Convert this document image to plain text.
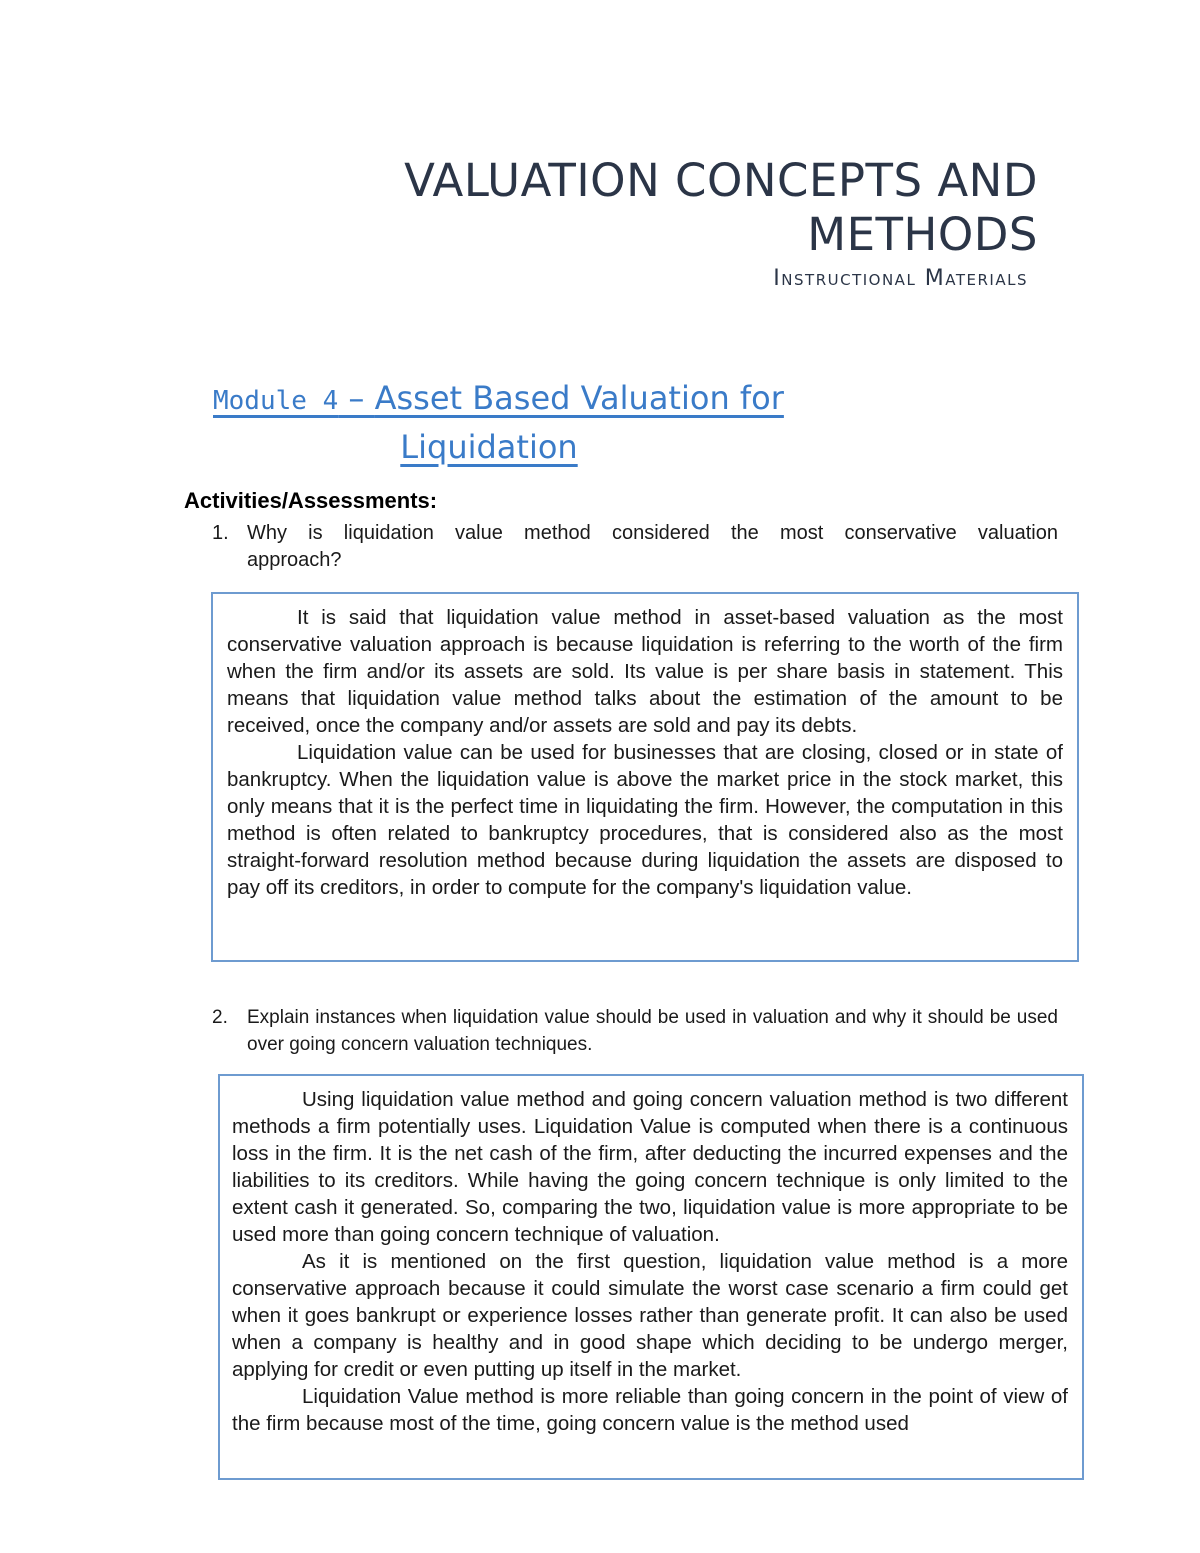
VALUATION CONCEPTS AND
METHODS
Instructional Materials
Module 4 – Asset Based Valuation for
Liquidation
Activities/Assessments:
1. Why is liquidation value method considered the most conservative valuation approach?

It is said that liquidation value method in asset-based valuation as the most conservative valuation approach is because liquidation is referring to the worth of the firm when the firm and/or its assets are sold. Its value is per share basis in statement. This means that liquidation value method talks about the estimation of the amount to be received, once the company and/or assets are sold and pay its debts.

Liquidation value can be used for businesses that are closing, closed or in state of bankruptcy. When the liquidation value is above the market price in the stock market, this only means that it is the perfect time in liquidating the firm. However, the computation in this method is often related to bankruptcy procedures, that is considered also as the most straight-forward resolution method because during liquidation the assets are disposed to pay off its creditors, in order to compute for the company's liquidation value.

2. Explain instances when liquidation value should be used in valuation and why it should be used over going concern valuation techniques.

Using liquidation value method and going concern valuation method is two different methods a firm potentially uses. Liquidation Value is computed when there is a continuous loss in the firm. It is the net cash of the firm, after deducting the incurred expenses and the liabilities to its creditors. While having the going concern technique is only limited to the extent cash it generated. So, comparing the two, liquidation value is more appropriate to be used more than going concern technique of valuation.

As it is mentioned on the first question, liquidation value method is a more conservative approach because it could simulate the worst case scenario a firm could get when it goes bankrupt or experience losses rather than generate profit. It can also be used when a company is healthy and in good shape which deciding to be undergo merger, applying for credit or even putting up itself in the market.

Liquidation Value method is more reliable than going concern in the point of view of the firm because most of the time, going concern value is the method used
